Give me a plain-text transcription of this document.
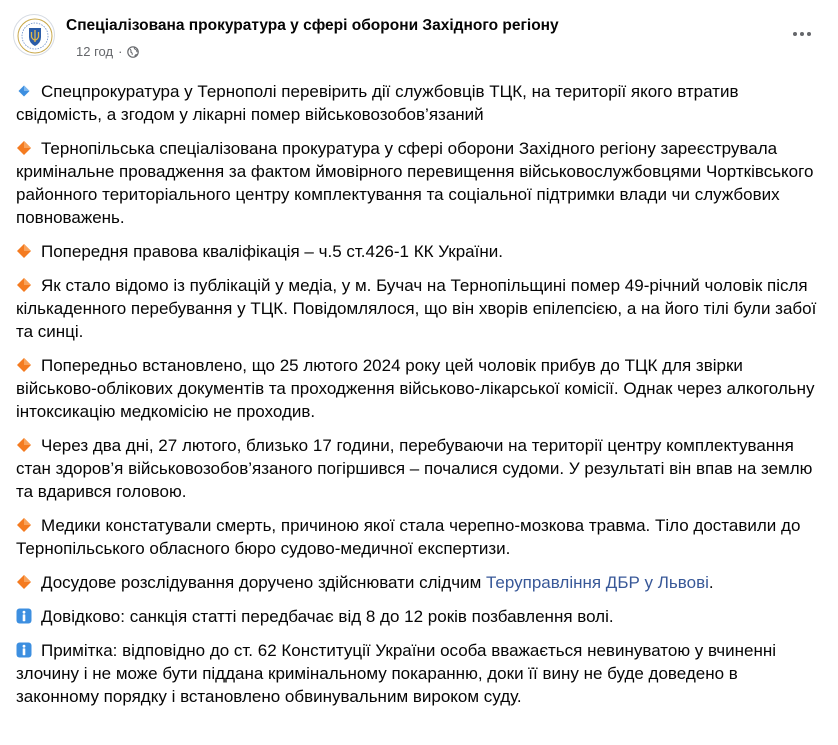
Спеціалізована прокуратура у сфері оборони Західного регіону
12 год ·

Спецпрокуратура у Тернополі перевірить дії службовців ТЦК, на території якого втратив свідомість, а згодом у лікарні помер військовозобов’язаний

Тернопільська спеціалізована прокуратура у сфері оборони Західного регіону зареєструвала кримінальне провадження за фактом ймовірного перевищення військовослужбовцями Чортківського районного територіального центру комплектування та соціальної підтримки влади чи службових повноважень.

Попередня правова кваліфікація – ч.5 ст.426-1 КК України.

Як стало відомо із публікацій у медіа, у м. Бучач на Тернопільщині помер 49-річний чоловік після кількаденного перебування у ТЦК. Повідомлялося, що він хворів епілепсією, а на його тілі були забої та синці.

Попередньо встановлено, що 25 лютого 2024 року цей чоловік прибув до ТЦК для звірки військово-облікових документів та проходження військово-лікарської комісії. Однак через алкогольну інтоксикацію медкомісію не проходив.

Через два дні, 27 лютого, близько 17 години, перебуваючи на території центру комплектування стан здоров’я військовозобов’язаного погіршився – почалися судоми. У результаті він впав на землю та вдарився головою.

Медики констатували смерть, причиною якої стала черепно-мозкова травма. Тіло доставили до Тернопільського обласного бюро судово-медичної експертизи.

Досудове розслідування доручено здійснювати слідчим Теруправління ДБР у Львові.

Довідково: санкція статті передбачає від 8 до 12 років позбавлення волі.

Примітка: відповідно до ст. 62 Конституції України особа вважається невинуватою у вчиненні злочину і не може бути піддана кримінальному покаранню, доки її вину не буде доведено в законному порядку і встановлено обвинувальним вироком суду.
